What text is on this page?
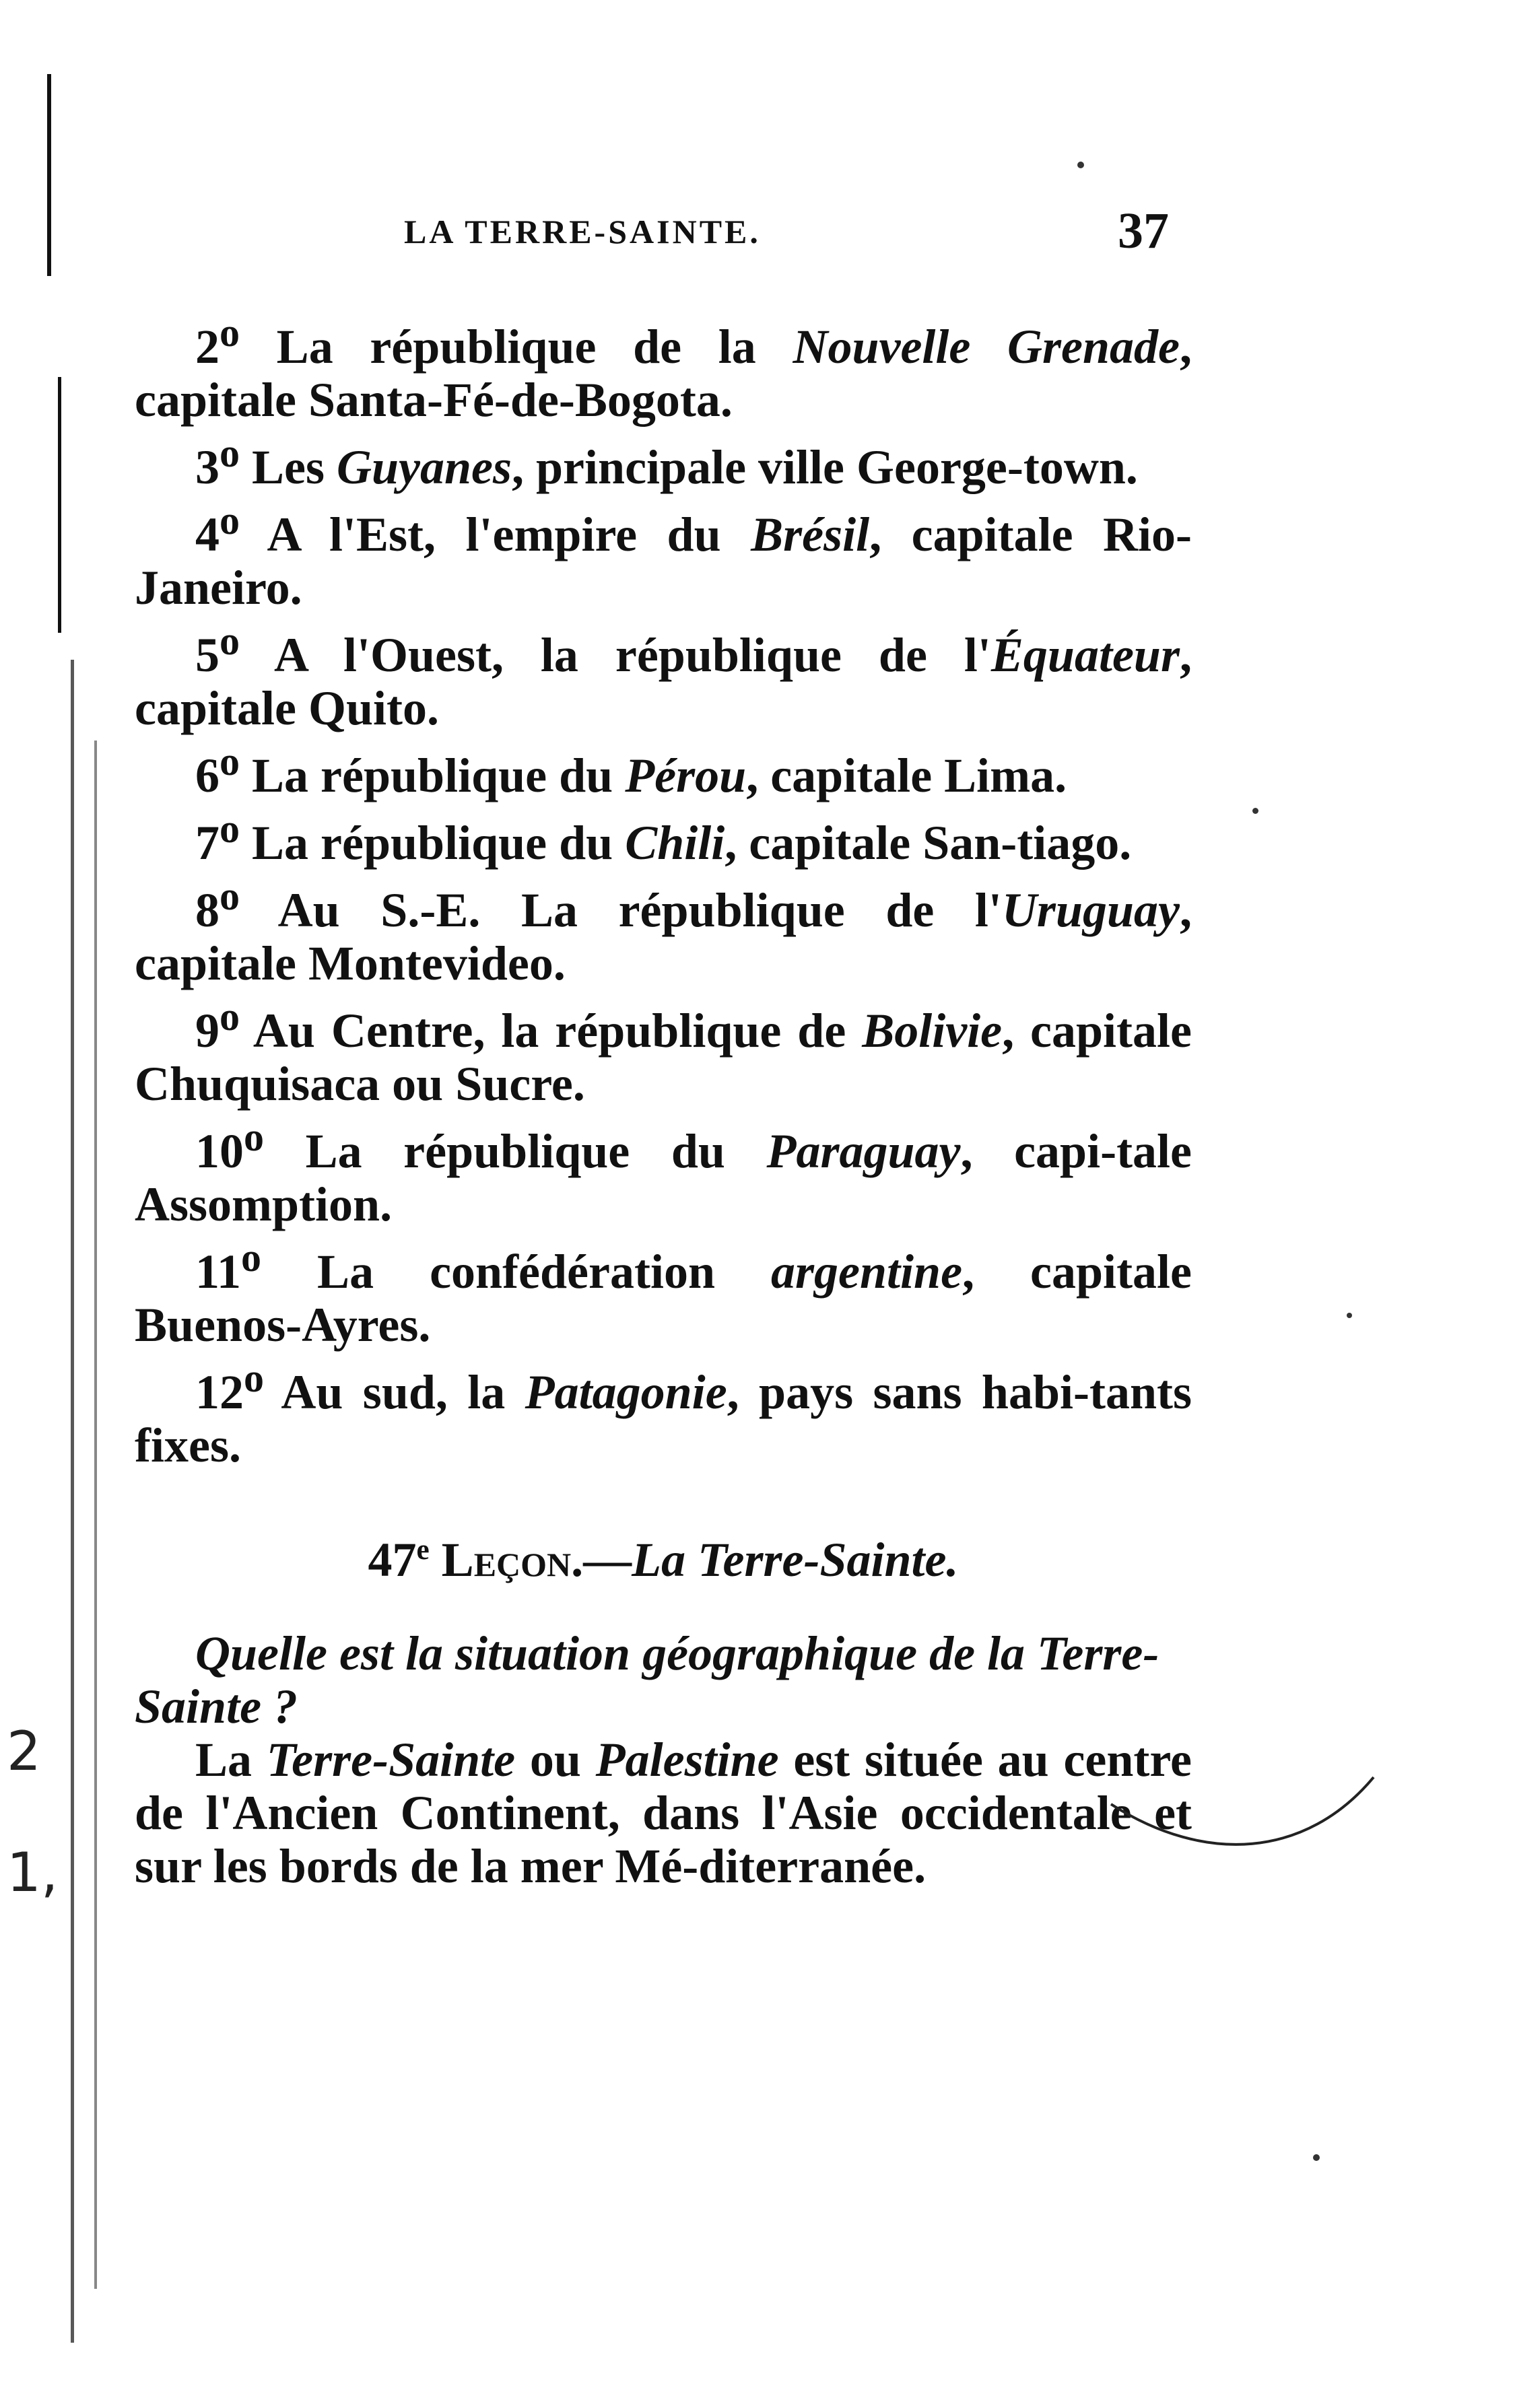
LA TERRE-SAINTE.	37

2$^o$ La république de la Nouvelle Grenade, capitale Santa-Fé-de-Bogota.

3$^o$ Les Guyanes, principale ville George-town.

4$^o$ A l'Est, l'empire du Brésil, capitale Rio-Janeiro.

5$^o$ A l'Ouest, la république de l'Équateur, capitale Quito.

6$^o$ La république du Pérou, capitale Lima.

7$^o$ La république du Chili, capitale San-tiago.

8$^o$ Au S.-E. La république de l'Uruguay, capitale Montevideo.

9$^o$ Au Centre, la république de Bolivie, capitale Chuquisaca ou Sucre.

10$^o$ La république du Paraguay, capi-tale Assomption.

11$^o$ La confédération argentine, capitale Buenos-Ayres.

12$^o$ Au sud, la Patagonie, pays sans habi-tants fixes.

47e Leçon.—La Terre-Sainte.

Quelle est la situation géographique de la Terre-Sainte ?

La Terre-Sainte ou Palestine est située au centre de l'Ancien Continent, dans l'Asie occidentale et sur les bords de la mer Mé-diterranée.

2
1,
